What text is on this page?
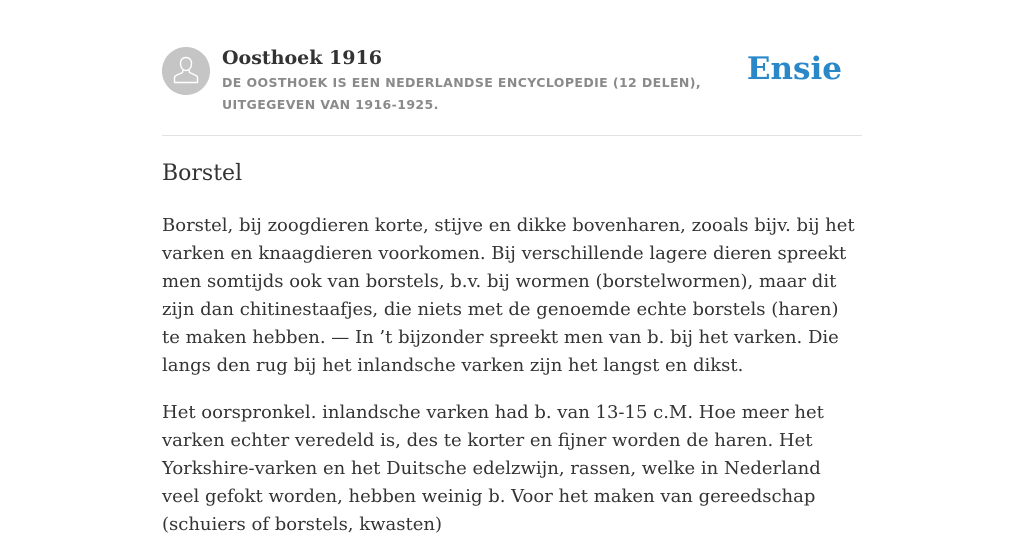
Oosthoek 1916

DE OOSTHOEK IS EEN NEDERLANDSE ENCYCLOPEDIE (12 DELEN), UITGEGEVEN VAN 1916-1925.

Ensie
Borstel

Borstel, bij zoogdieren korte, stijve en dikke bovenharen, zooals bijv. bij het varken en knaagdieren voorkomen. Bij verschillende lagere dieren spreekt men somtijds ook van borstels, b.v. bij wormen (borstelwormen), maar dit zijn dan chitinestaafjes, die niets met de genoemde echte borstels (haren) te maken hebben. — In ’t bijzonder spreekt men van b. bij het varken. Die langs den rug bij het inlandsche varken zijn het langst en dikst.

Het oorspronkel. inlandsche varken had b. van 13-15 c.M. Hoe meer het varken echter veredeld is, des te korter en fijner worden de haren. Het Yorkshire-varken en het Duitsche edelzwijn, rassen, welke in Nederland veel gefokt worden, hebben weinig b. Voor het maken van gereedschap (schuiers of borstels, kwasten)
